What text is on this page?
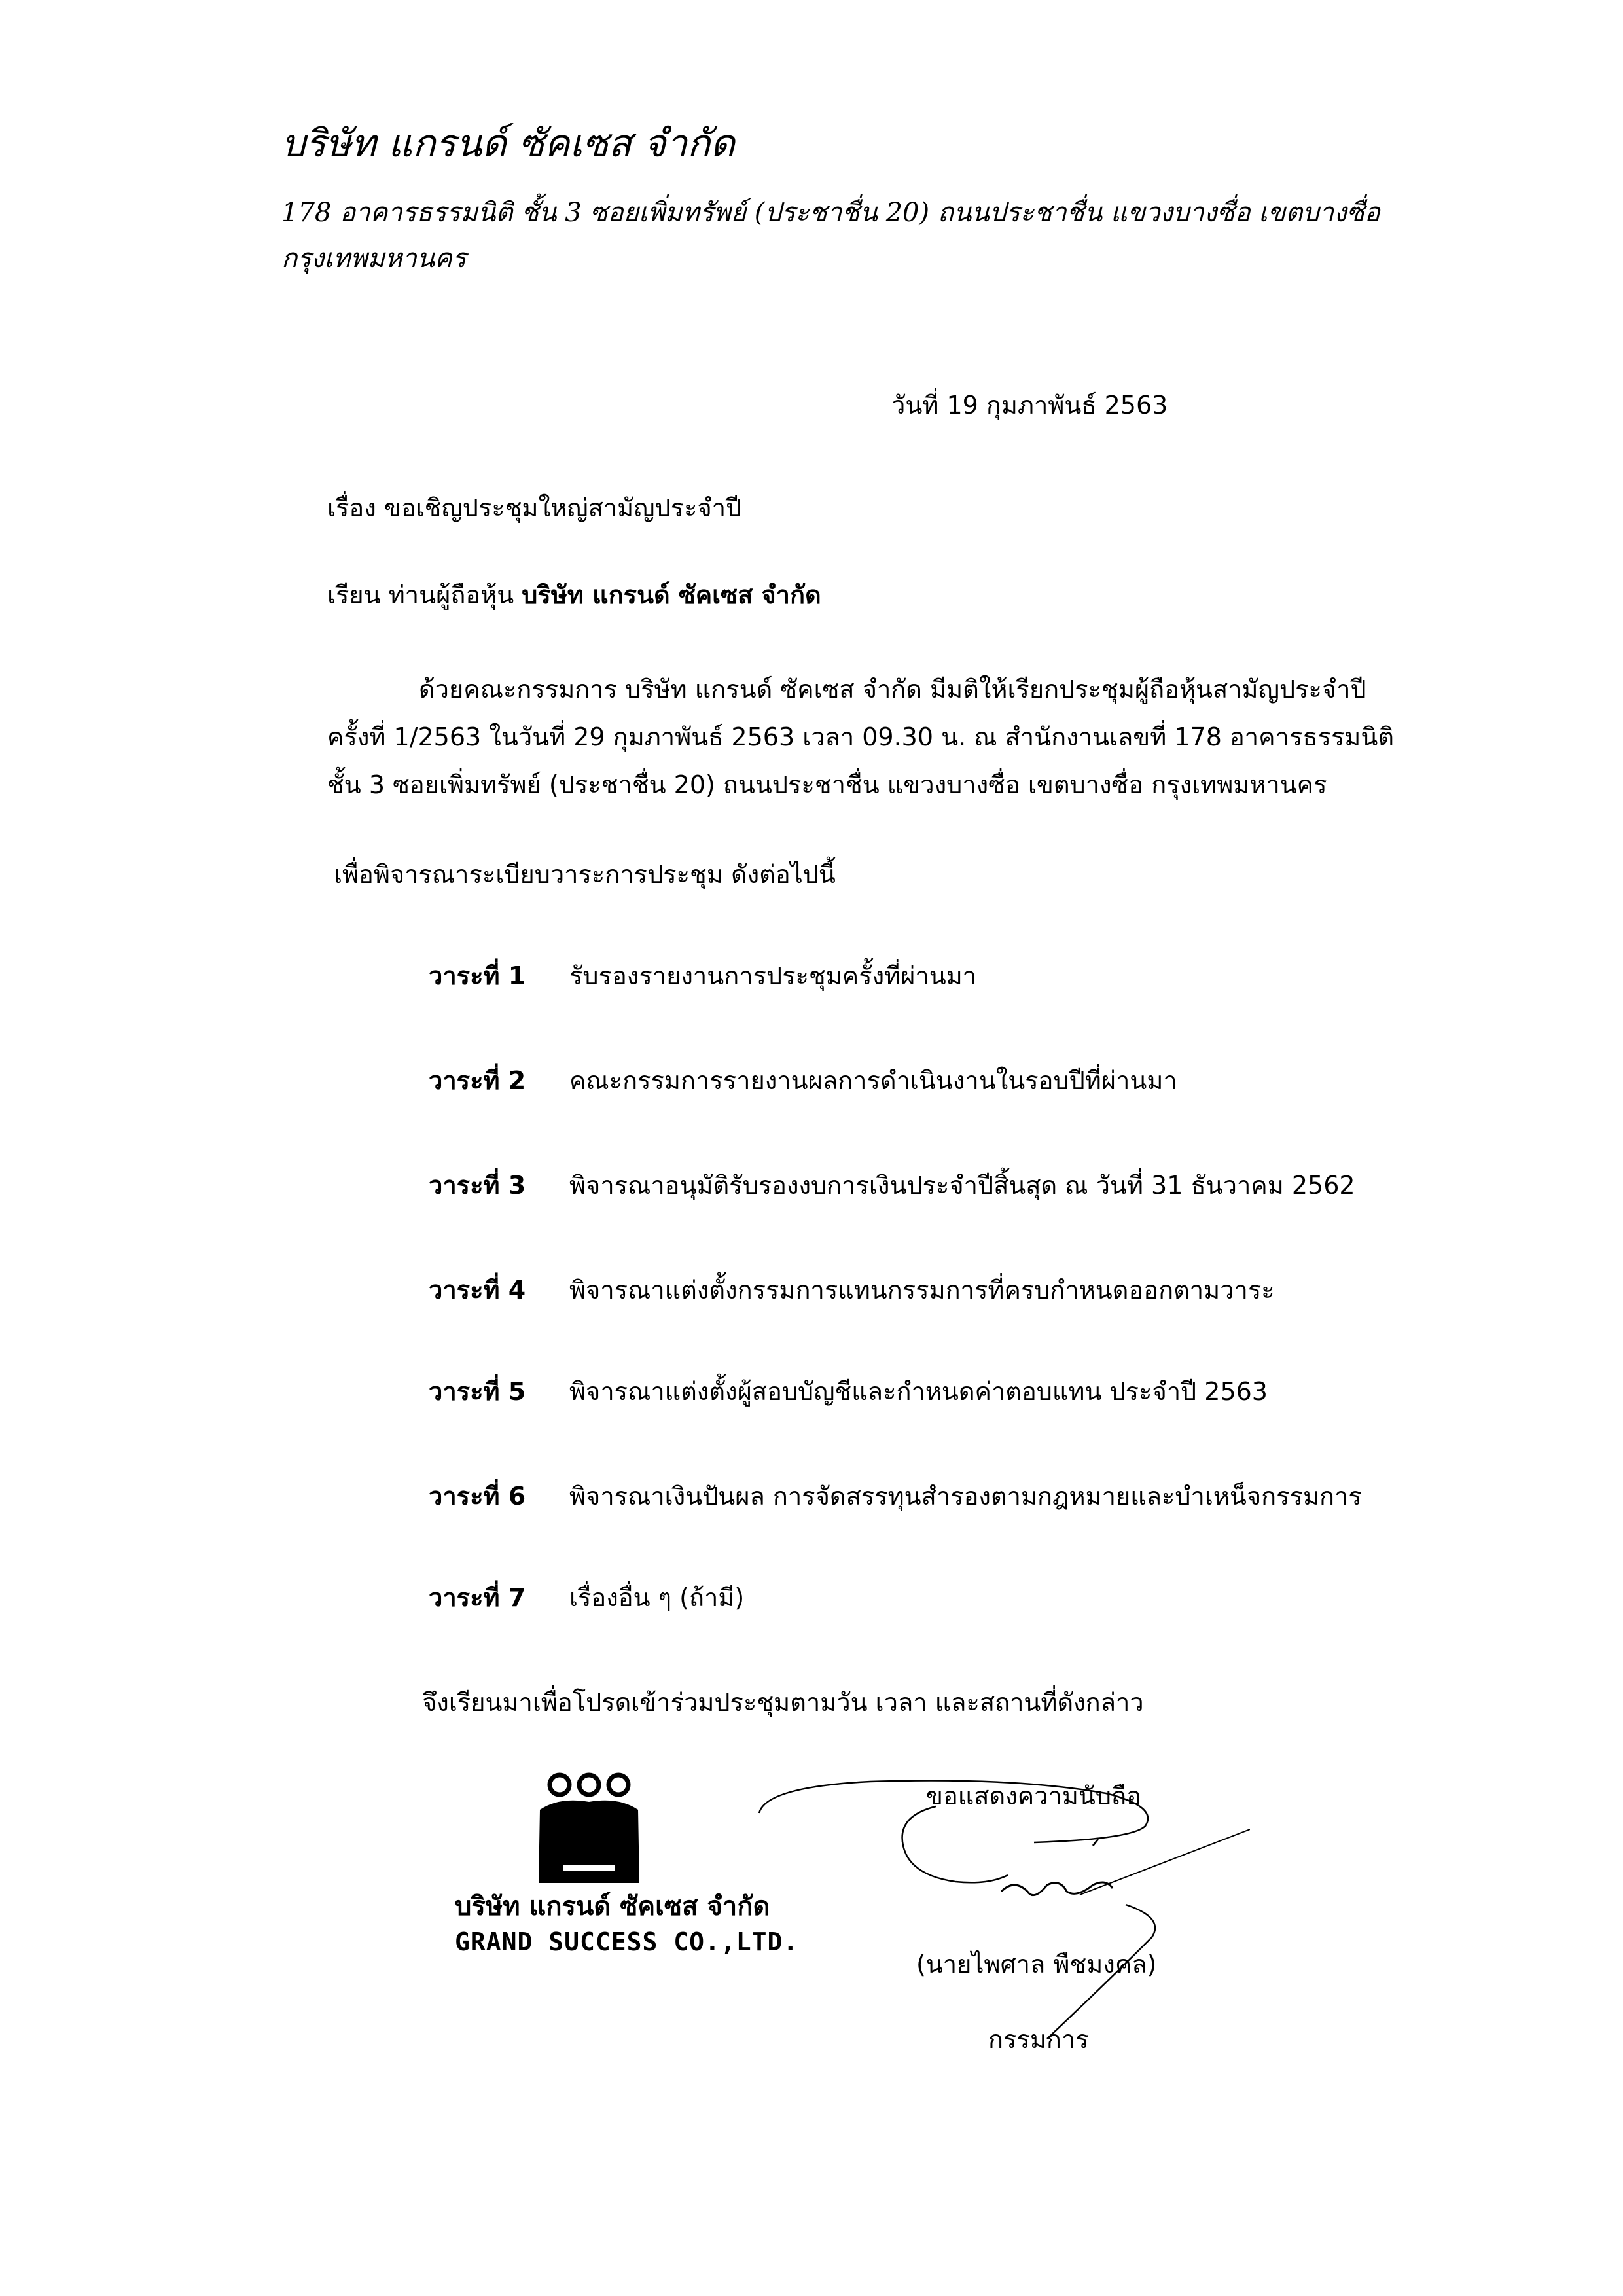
บริษัท แกรนด์ ซัคเซส จำกัด
178 อาคารธรรมนิติ ชั้น 3 ซอยเพิ่มทรัพย์ (ประชาชื่น 20) ถนนประชาชื่น แขวงบางซื่อ เขตบางซื่อ
กรุงเทพมหานคร
วันที่ 19 กุมภาพันธ์ 2563
เรื่อง ขอเชิญประชุมใหญ่สามัญประจำปี
เรียน ท่านผู้ถือหุ้น บริษัท แกรนด์ ซัคเซส จำกัด
ด้วยคณะกรรมการ บริษัท แกรนด์ ซัคเซส จำกัด มีมติให้เรียกประชุมผู้ถือหุ้นสามัญประจำปี
ครั้งที่ 1/2563 ในวันที่ 29 กุมภาพันธ์ 2563 เวลา 09.30 น. ณ สำนักงานเลขที่ 178 อาคารธรรมนิติ
ชั้น 3 ซอยเพิ่มทรัพย์ (ประชาชื่น 20) ถนนประชาชื่น แขวงบางซื่อ เขตบางซื่อ กรุงเทพมหานคร
เพื่อพิจารณาระเบียบวาระการประชุม ดังต่อไปนี้
วาระที่ 1 รับรองรายงานการประชุมครั้งที่ผ่านมา
วาระที่ 2 คณะกรรมการรายงานผลการดำเนินงานในรอบปีที่ผ่านมา
วาระที่ 3 พิจารณาอนุมัติรับรองงบการเงินประจำปีสิ้นสุด ณ วันที่ 31 ธันวาคม 2562
วาระที่ 4 พิจารณาแต่งตั้งกรรมการแทนกรรมการที่ครบกำหนดออกตามวาระ
วาระที่ 5 พิจารณาแต่งตั้งผู้สอบบัญชีและกำหนดค่าตอบแทน ประจำปี 2563
วาระที่ 6 พิจารณาเงินปันผล การจัดสรรทุนสำรองตามกฎหมายและบำเหน็จกรรมการ
วาระที่ 7 เรื่องอื่น ๆ (ถ้ามี)
จึงเรียนมาเพื่อโปรดเข้าร่วมประชุมตามวัน เวลา และสถานที่ดังกล่าว
บริษัท แกรนด์ ซัคเซส จำกัด
GRAND SUCCESS CO.,LTD.
ขอแสดงความนับถือ
(นายไพศาล พืชมงคล)
กรรมการ
